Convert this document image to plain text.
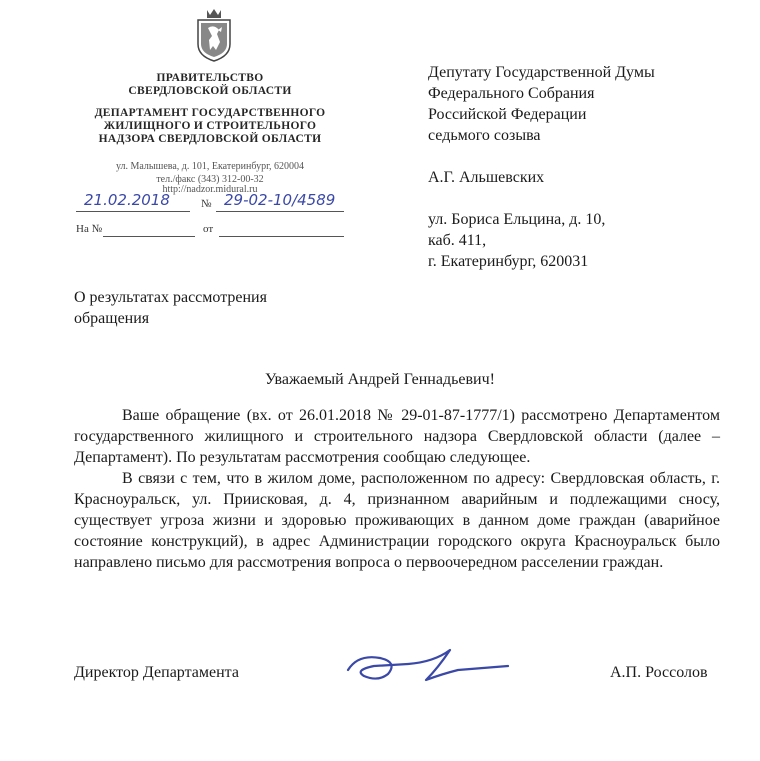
ПРАВИТЕЛЬСТВО
СВЕРДЛОВСКОЙ ОБЛАСТИ
ДЕПАРТАМЕНТ ГОСУДАРСТВЕННОГО
ЖИЛИЩНОГО И СТРОИТЕЛЬНОГО
НАДЗОРА СВЕРДЛОВСКОЙ ОБЛАСТИ
ул. Малышева, д. 101, Екатеринбург, 620004
тел./факс (343) 312-00-32
http://nadzor.midural.ru
21.02.2018	№ 29-02-10/4589
На №	от
Депутату Государственной Думы
Федерального Собрания
Российской Федерации
седьмого созыва
А.Г. Альшевских
ул. Бориса Ельцина, д. 10,
каб. 411,
г. Екатеринбург, 620031
О результатах рассмотрения
обращения
Уважаемый Андрей Геннадьевич!

Ваше обращение (вх. от 26.01.2018 № 29-01-87-1777/1) рассмотрено Департаментом государственного жилищного и строительного надзора Свердловской области (далее – Департамент). По результатам рассмотрения сообщаю следующее.

В связи с тем, что в жилом доме, расположенном по адресу: Свердловская область, г. Красноуральск, ул. Приисковая, д. 4, признанном аварийным и подлежащими сносу, существует угроза жизни и здоровью проживающих в данном доме граждан (аварийное состояние конструкций), в адрес Администрации городского округа Красноуральск было направлено письмо для рассмотрения вопроса о первоочередном расселении граждан.

Директор Департамента	А.П. Россолов
